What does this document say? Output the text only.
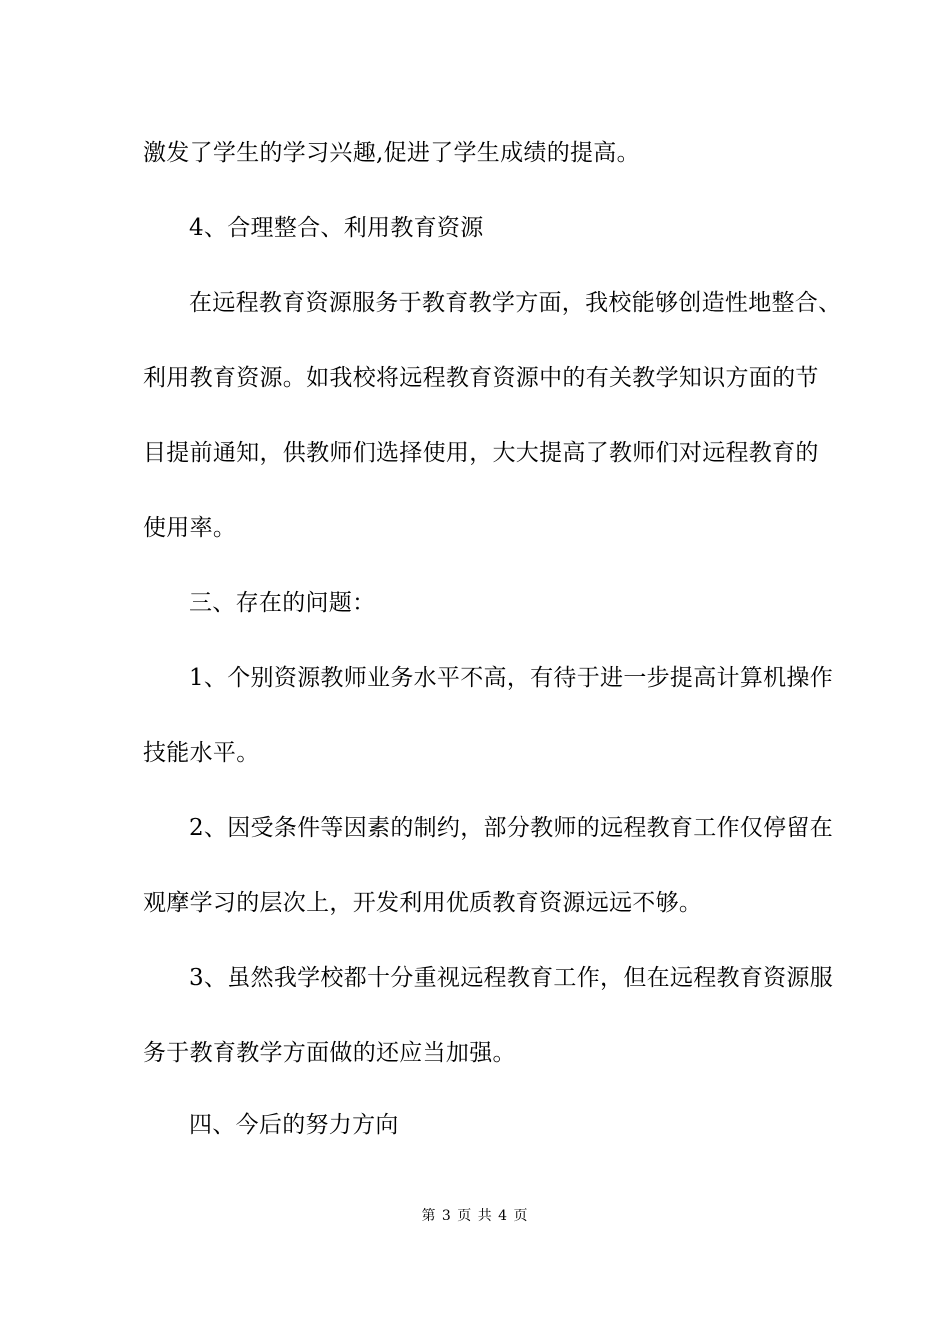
激发了学生的学习兴趣,促进了学生成绩的提高。
4、合理整合、利用教育资源
在远程教育资源服务于教育教学方面，我校能够创造性地整合、
利用教育资源。如我校将远程教育资源中的有关教学知识方面的节
目提前通知，供教师们选择使用，大大提高了教师们对远程教育的
使用率。
三、存在的问题：
1、个别资源教师业务水平不高，有待于进一步提高计算机操作
技能水平。
2、因受条件等因素的制约，部分教师的远程教育工作仅停留在
观摩学习的层次上，开发利用优质教育资源远远不够。
3、虽然我学校都十分重视远程教育工作，但在远程教育资源服
务于教育教学方面做的还应当加强。
四、今后的努力方向
第 3 页 共 4 页
